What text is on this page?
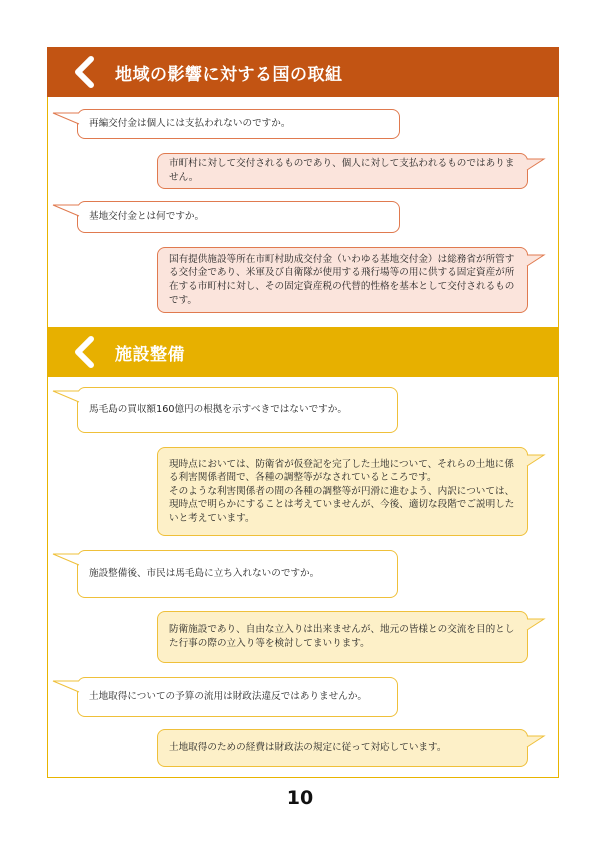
地域の影響に対する国の取組
再編交付金は個人には支払われないのですか。
市町村に対して交付されるものであり、個人に対して支払われるものではありません。
基地交付金とは何ですか。
国有提供施設等所在市町村助成交付金（いわゆる基地交付金）は総務省が所管する交付金であり、米軍及び自衛隊が使用する飛行場等の用に供する固定資産が所在する市町村に対し、その固定資産税の代替的性格を基本として交付されるものです。
施設整備
馬毛島の買収額160億円の根拠を示すべきではないですか。
現時点においては、防衛省が仮登記を完了した土地について、それらの土地に係る利害関係者間で、各種の調整等がなされているところです。
そのような利害関係者の間の各種の調整等が円滑に進むよう、内訳については、現時点で明らかにすることは考えていませんが、今後、適切な段階でご説明したいと考えています。
施設整備後、市民は馬毛島に立ち入れないのですか。
防衛施設であり、自由な立入りは出来ませんが、地元の皆様との交流を目的とした行事の際の立入り等を検討してまいります。
土地取得についての予算の流用は財政法違反ではありませんか。
土地取得のための経費は財政法の規定に従って対応しています。
10
